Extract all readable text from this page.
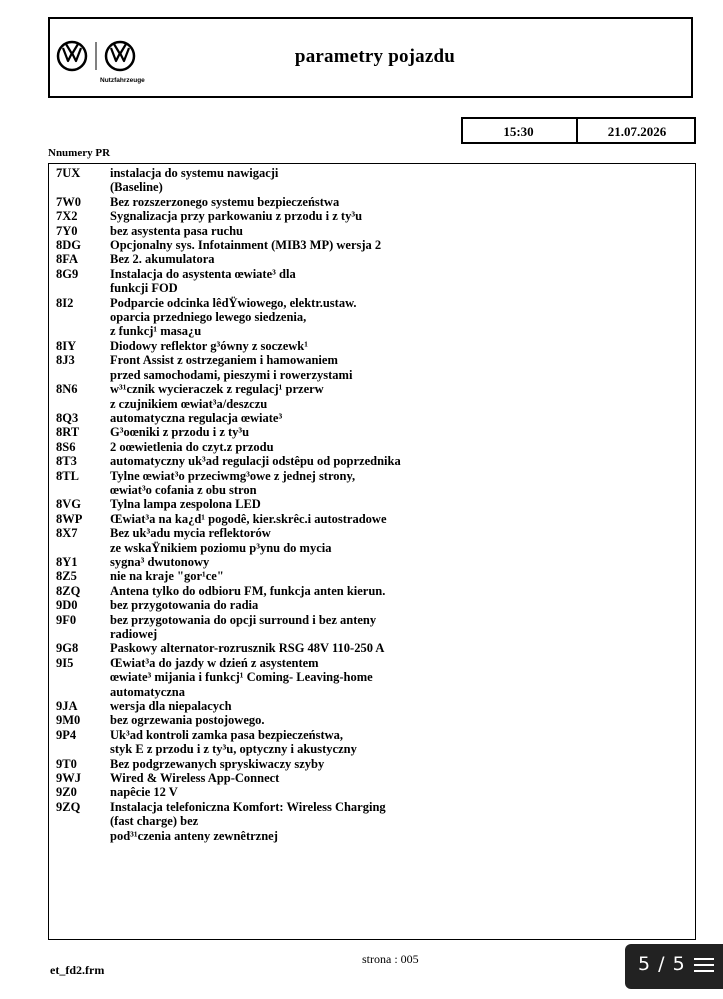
Nutzfahrzeuge
parametry pojazdu
15:30	21.07.2026
Nnumery PR
7UX	instalacja do systemu nawigacji
(Baseline)
7W0	Bez rozszerzonego systemu bezpieczeństwa
7X2	Sygnalizacja przy parkowaniu z przodu i z ty³u
7Y0	bez asystenta pasa ruchu
8DG	Opcjonalny sys. Infotainment (MIB3 MP) wersja 2
8FA	Bez 2. akumulatora
8G9	Instalacja do asystenta œwiate³ dla
funkcji FOD
8I2	Podparcie odcinka lêdŸwiowego, elektr.ustaw.
oparcia przedniego lewego siedzenia,
z funkcj¹ masa¿u
8IY	Diodowy reflektor g³ówny z soczewk¹
8J3	Front Assist z ostrzeganiem i hamowaniem
przed samochodami, pieszymi i rowerzystami
8N6	w³¹cznik wycieraczek z regulacj¹ przerw
z czujnikiem œwiat³a/deszczu
8Q3	automatyczna regulacja œwiate³
8RT	G³oœniki z przodu i z ty³u
8S6	2 oœwietlenia do czyt.z przodu
8T3	automatyczny uk³ad regulacji odstêpu od poprzednika
8TL	Tylne œwiat³o przeciwmg³owe z jednej strony,
œwiat³o cofania z obu stron
8VG	Tylna lampa zespolona LED
8WP	Œwiat³a na ka¿d¹ pogodê, kier.skrêc.i autostradowe
8X7	Bez uk³adu mycia reflektorów
ze wskaŸnikiem poziomu p³ynu do mycia
8Y1	sygna³ dwutonowy
8Z5	nie na kraje "gor¹ce"
8ZQ	Antena tylko do odbioru FM, funkcja anten kierun.
9D0	bez przygotowania do radia
9F0	bez przygotowania do opcji surround i bez anteny
radiowej
9G8	Paskowy alternator-rozrusznik RSG 48V 110-250 A
9I5	Œwiat³a do jazdy w dzień z asystentem
œwiate³ mijania i funkcj¹ Coming- Leaving-home
automatyczna
9JA	wersja dla niepalacych
9M0	bez ogrzewania postojowego.
9P4	Uk³ad kontroli zamka pasa bezpieczeństwa,
styk E z przodu i z ty³u, optyczny i akustyczny
9T0	Bez podgrzewanych spryskiwaczy szyby
9WJ	Wired & Wireless App-Connect
9Z0	napêcie 12 V
9ZQ	Instalacja telefoniczna Komfort: Wireless Charging
(fast charge) bez
pod³¹czenia anteny zewnêtrznej
strona : 005
et_fd2.frm	5 / 5
